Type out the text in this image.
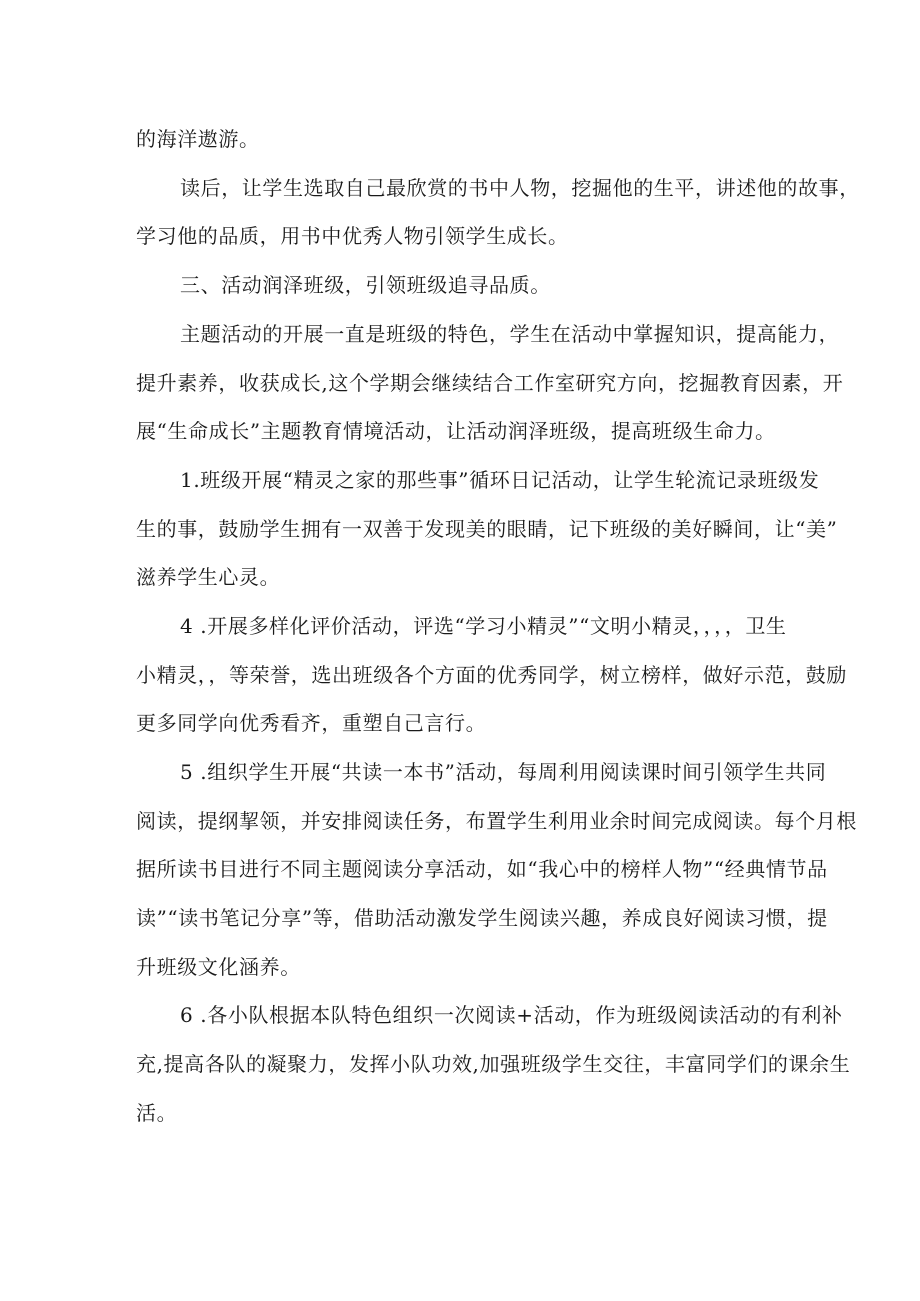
的海洋遨游。

读后，让学生选取自己最欣赏的书中人物，挖掘他的生平，讲述他的故事，

学习他的品质，用书中优秀人物引领学生成长。

三、活动润泽班级，引领班级追寻品质。

主题活动的开展一直是班级的特色，学生在活动中掌握知识，提高能力，

提升素养，收获成长,这个学期会继续结合工作室研究方向，挖掘教育因素，开

展“生命成长”主题教育情境活动，让活动润泽班级，提高班级生命力。

1.班级开展“精灵之家的那些事”循环日记活动，让学生轮流记录班级发

生的事，鼓励学生拥有一双善于发现美的眼睛，记下班级的美好瞬间，让“美”

滋养学生心灵。

4 .开展多样化评价活动，评选“学习小精灵”“文明小精灵，，，，卫生

小精灵，，等荣誉，选出班级各个方面的优秀同学，树立榜样，做好示范，鼓励

更多同学向优秀看齐，重塑自己言行。

5 .组织学生开展“共读一本书”活动，每周利用阅读课时间引领学生共同

阅读，提纲挈领，并安排阅读任务，布置学生利用业余时间完成阅读。每个月根

据所读书目进行不同主题阅读分享活动，如“我心中的榜样人物”“经典情节品

读”“读书笔记分享”等，借助活动激发学生阅读兴趣，养成良好阅读习惯，提

升班级文化涵养。

6 .各小队根据本队特色组织一次阅读+活动，作为班级阅读活动的有利补

充,提高各队的凝聚力，发挥小队功效,加强班级学生交往，丰富同学们的课余生

活。
